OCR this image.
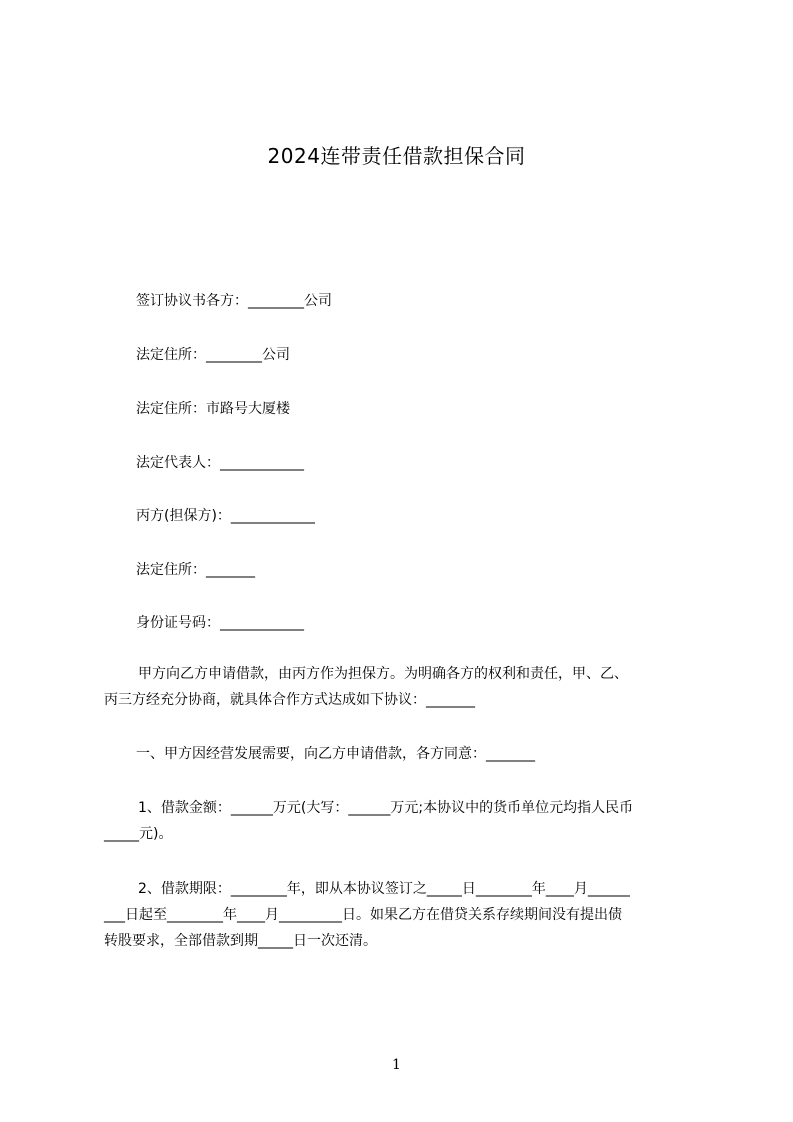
2024连带责任借款担保合同
签订协议书各方：________公司
法定住所：________公司
法定住所：市路号大厦楼
法定代表人：____________
丙方(担保方)：____________
法定住所：_______
身份证号码：____________
甲方向乙方申请借款，由丙方作为担保方。为明确各方的权利和责任，甲、乙、
丙三方经充分协商，就具体合作方式达成如下协议：_______
一、甲方因经营发展需要，向乙方申请借款，各方同意：_______
1、借款金额：______万元(大写：______万元;本协议中的货币单位元均指人民币
_____元)。
2、借款期限：________年，即从本协议签订之_____日________年____月______
___日起至________年____月_________日。如果乙方在借贷关系存续期间没有提出债
转股要求，全部借款到期_____日一次还清。
1
